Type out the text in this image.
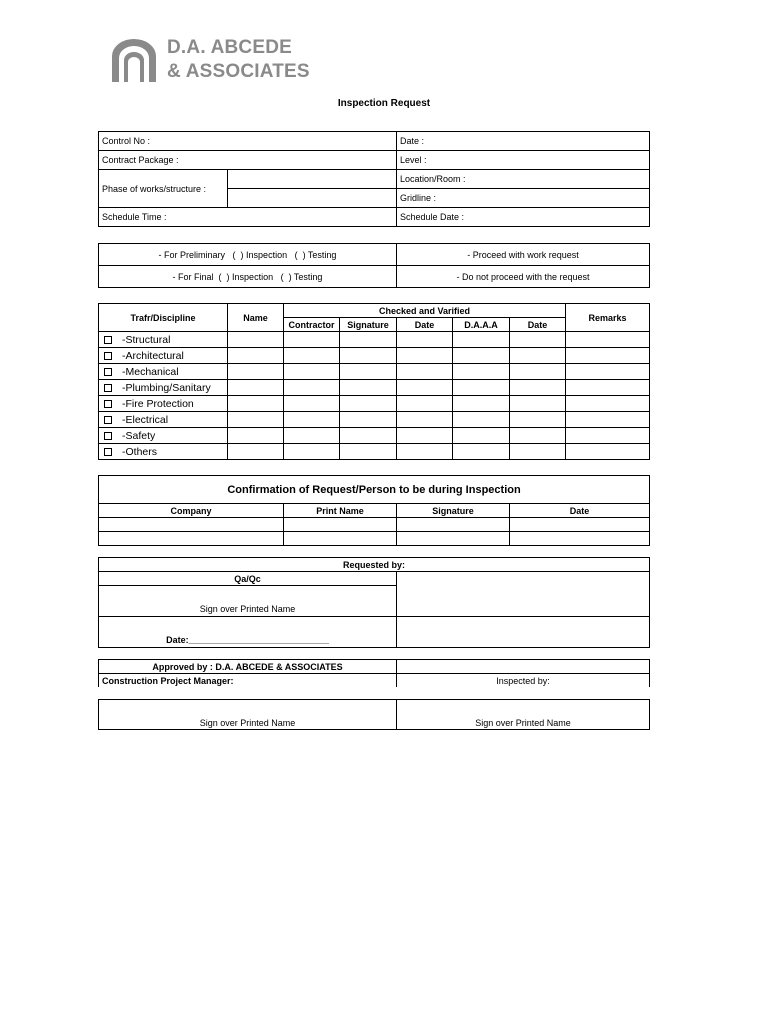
D.A. ABCEDE
& ASSOCIATES
Inspection Request
Control No :		Date :
Contract Package :		Level :
Phase of works/structure :		Location/Room :
		Gridline :
Schedule Time :		Schedule Date :
- For Preliminary   (  ) Inspection   (  ) Testing	- Proceed with work request
- For Final  (  ) Inspection   (  ) Testing	- Do not proceed with the request
Trafr/Discipline	Name	Checked and Varified					Remarks
		Contractor	Signature	Date	D.A.A.A	Date	
-Structural							
-Architectural							
-Mechanical							
-Plumbing/Sanitary							
-Fire Protection							
-Electrical							
-Safety							
-Others							
Confirmation of Request/Person to be during Inspection			
Company	Print Name	Signature	Date

Requested by:	
Qa/Qc	
Sign over Printed Name	
Date:____________________________	
Approved by : D.A. ABCEDE & ASSOCIATES	
Construction Project Manager:	Inspected by:

Sign over Printed Name	Sign over Printed Name
